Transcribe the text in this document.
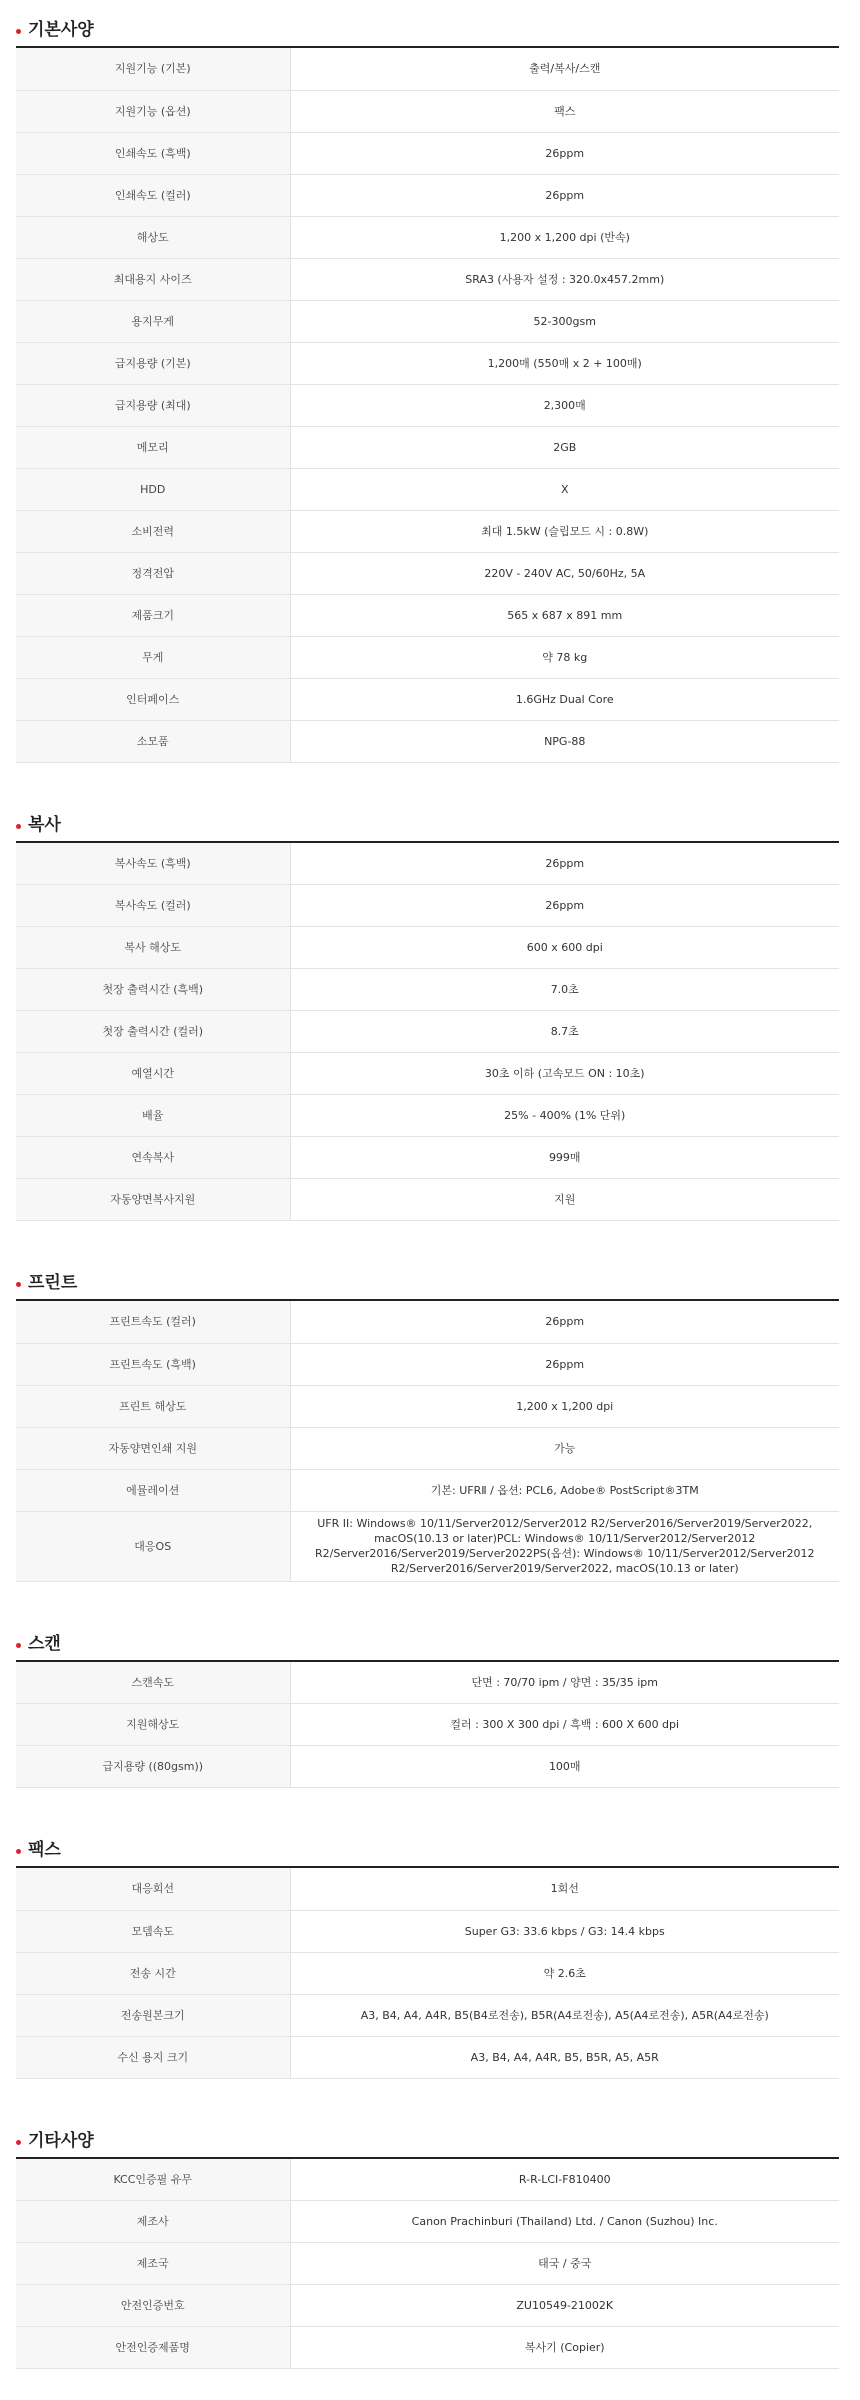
기본사양
지원기능 (기본)	출력/복사/스캔
지원기능 (옵션)	팩스
인쇄속도 (흑백)	26ppm
인쇄속도 (컬러)	26ppm
해상도	1,200 x 1,200 dpi (반속)
최대용지 사이즈	SRA3 (사용자 설정 : 320.0x457.2mm)
용지무게	52-300gsm
급지용량 (기본)	1,200매 (550매 x 2 + 100매)
급지용량 (최대)	2,300매
메모리	2GB
HDD	X
소비전력	최대 1.5kW (슬립모드 시 : 0.8W)
정격전압	220V - 240V AC, 50/60Hz, 5A
제품크기	565 x 687 x 891 mm
무게	약 78 kg
인터페이스	1.6GHz Dual Core
소모품	NPG-88
복사
복사속도 (흑백)	26ppm
복사속도 (컬러)	26ppm
복사 해상도	600 x 600 dpi
첫장 출력시간 (흑백)	7.0초
첫장 출력시간 (컬러)	8.7초
예열시간	30초 이하 (고속모드 ON : 10초)
배율	25% - 400% (1% 단위)
연속복사	999매
자동양면복사지원	지원
프린트
프린트속도 (컬러)	26ppm
프린트속도 (흑백)	26ppm
프린트 해상도	1,200 x 1,200 dpi
자동양면인쇄 지원	가능
에뮬레이션	기본: UFRⅡ / 옵션: PCL6, Adobe® PostScript®3TM
대응OS	UFR II: Windows® 10/11/Server2012/Server2012 R2/Server2016/Server2019/Server2022, macOS(10.13 or later)PCL: Windows® 10/11/Server2012/Server2012 R2/Server2016/Server2019/Server2022PS(옵션): Windows® 10/11/Server2012/Server2012 R2/Server2016/Server2019/Server2022, macOS(10.13 or later)
스캔
스캔속도	단면 : 70/70 ipm / 양면 : 35/35 ipm
지원해상도	컬러 : 300 X 300 dpi / 흑백 : 600 X 600 dpi
급지용량 ((80gsm))	100매
팩스
대응회선	1회선
모뎀속도	Super G3: 33.6 kbps / G3: 14.4 kbps
전송 시간	약 2.6초
전송원본크기	A3, B4, A4, A4R, B5(B4로전송), B5R(A4로전송), A5(A4로전송), A5R(A4로전송)
수신 용지 크기	A3, B4, A4, A4R, B5, B5R, A5, A5R
기타사양
KCC인증필 유무	R-R-LCI-F810400
제조사	Canon Prachinburi (Thailand) Ltd. / Canon (Suzhou) Inc.
제조국	태국 / 중국
안전인증번호	ZU10549-21002K
안전인증제품명	복사기 (Copier)
